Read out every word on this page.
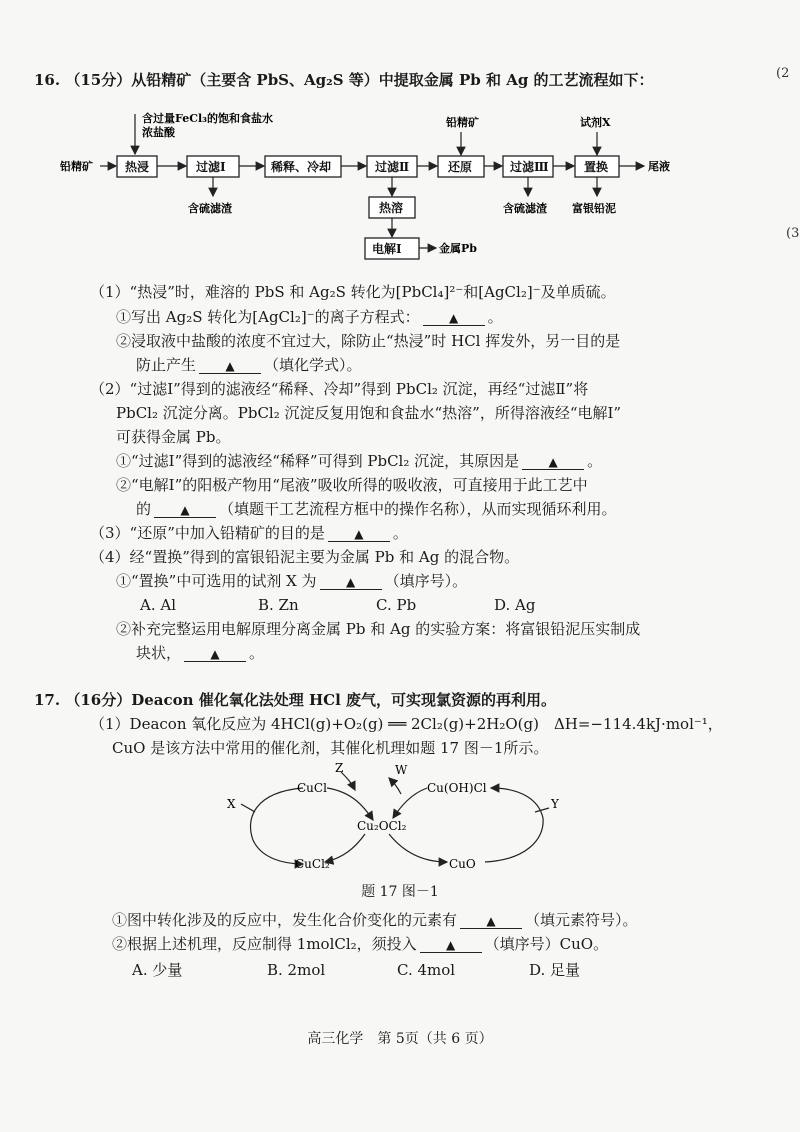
(2
(3
16. （15分）从铅精矿（主要含 PbS、Ag₂S 等）中提取金属 Pb 和 Ag 的工艺流程如下：
含过量FeCl₃的饱和食盐水
浓盐酸
铅精矿	热浸	过滤Ⅰ	稀释、冷却	过滤Ⅱ	还原	过滤Ⅲ	置换	尾液
铅精矿	试剂X
含硫滤渣	含硫滤渣 富银铅泥
热溶
电解Ⅰ	金属Pb
（1）“热浸”时，难溶的 PbS 和 Ag₂S 转化为[PbCl₄]²⁻和[AgCl₂]⁻及单质硫。
①写出 Ag₂S 转化为[AgCl₂]⁻的离子方程式： ▲ 。
②浸取液中盐酸的浓度不宜过大，除防止“热浸”时 HCl 挥发外，另一目的是
防止产生 ▲ （填化学式）。
（2）“过滤Ⅰ”得到的滤液经“稀释、冷却”得到 PbCl₂ 沉淀，再经“过滤Ⅱ”将
PbCl₂ 沉淀分离。PbCl₂ 沉淀反复用饱和食盐水“热溶”，所得溶液经“电解Ⅰ”
可获得金属 Pb。
①“过滤Ⅰ”得到的滤液经“稀释”可得到 PbCl₂ 沉淀，其原因是 ▲ 。
②“电解Ⅰ”的阳极产物用“尾液”吸收所得的吸收液，可直接用于此工艺中
的 ▲ （填题干工艺流程方框中的操作名称），从而实现循环利用。
（3）“还原”中加入铅精矿的目的是 ▲ 。
（4）经“置换”得到的富银铅泥主要为金属 Pb 和 Ag 的混合物。
①“置换”中可选用的试剂 X 为 ▲ （填序号）。
A. Al	B. Zn	C. Pb	D. Ag
②补充完整运用电解原理分离金属 Pb 和 Ag 的实验方案：将富银铅泥压实制成
块状， ▲ 。
17. （16分）Deacon 催化氧化法处理 HCl 废气，可实现氯资源的再利用。
（1）Deacon 氧化反应为 4HCl(g)+O₂(g) ══ 2Cl₂(g)+2H₂O(g)　ΔH=−114.4kJ·mol⁻¹，
CuO 是该方法中常用的催化剂，其催化机理如题 17 图－1所示。
CuCl	Cu(OH)Cl
Cu₂OCl₂
CuCl₂	CuO
X	Y
Z	W
题 17 图－1
①图中转化涉及的反应中，发生化合价变化的元素有 ▲ （填元素符号）。
②根据上述机理，反应制得 1molCl₂，须投入 ▲ （填序号）CuO。
A. 少量	B. 2mol	C. 4mol	D. 足量
高三化学　第 5页（共 6 页）
